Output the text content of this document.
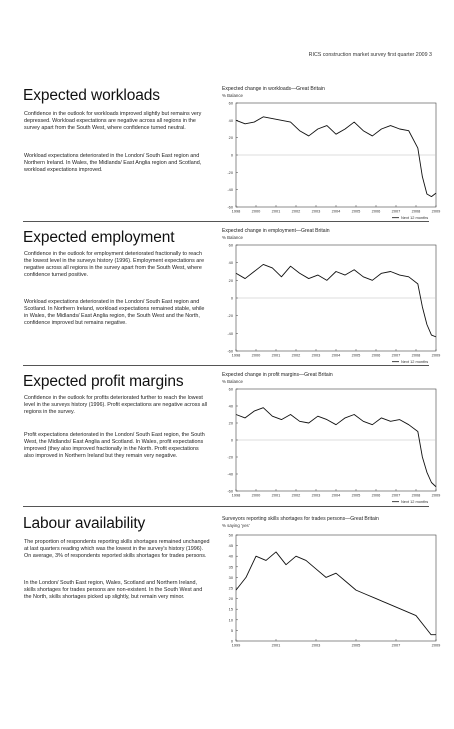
RICS construction market survey first quarter 2009 3
Expected workloads

Confidence in the outlook for workloads improved slightly but remains very depressed. Workload expectations are negative across all regions in the survey apart from the South West, where confidence turned neutral.

Workload expectations deteriorated in the London/ South East region and Northern Ireland. In Wales, the Midlands/ East Anglia region and Scotland, workload expectations improved.

Expected change in workloads—Great Britain
% Balance
60
40
20
0
-20
-40
-60
1998	2000	2001	2002	2003	2004	2005	2006	2007	2008	2009
Next 12 months
Expected employment

Confidence in the outlook for employment deteriorated fractionally to reach the lowest level in the surveys history (1996). Employment expectations are negative across all regions in the survey apart from the South West, where confidence turned positive.

Workload expectations deteriorated in the London/ South East region and Scotland. In Northern Ireland, workload expectations remained stable, while in Wales, the Midlands/ East Anglia region, the South West and the North, confidence improved but remains negative.

Expected change in employment—Great Britain
% Balance
60
40
20
0
-20
-40
-60
1998	2000	2001	2002	2003	2004	2005	2006	2007	2008	2009
Next 12 months
Expected profit margins

Confidence in the outlook for profits deteriorated further to reach the lowest level in the surveys history (1996). Profit expectations are negative across all regions in the survey.

Profit expectations deteriorated in the London/ South East region, the South West, the Midlands/ East Anglia and Scotland. In Wales, profit expectations improved (they also improved fractionally in the North. Profit expectations also improved in Northern Ireland but they remain very negative.

Expected change in profit margins—Great Britain
% Balance
60
40
20
0
-20
-40
-60
1998	2000	2001	2002	2003	2004	2005	2006	2007	2008	2009
Next 12 months
Labour availability

The proportion of respondents reporting skills shortages remained unchanged at last quarters reading which was the lowest in the survey's history (1996). On average, 3% of respondents reported skills shortages for trades persons.

In the London/ South East region, Wales, Scotland and Northern Ireland, skills shortages for trades persons are non-existent. In the South West and the North, skills shortages picked up slightly, but remain very minor.

Surveyors reporting skills shortages for trades persons—Great Britain
% saying 'yes'
50
45
40
35
30
25
20
15
10
5
0
1999	2001	2003	2005	2007	2009
